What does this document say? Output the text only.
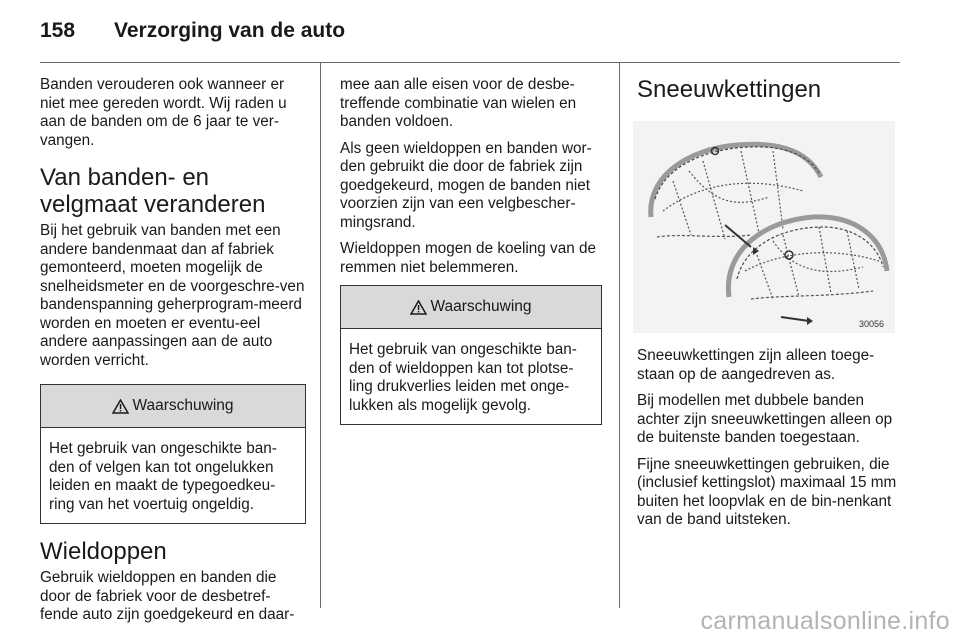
158 Verzorging van de auto

Banden verouderen ook wanneer er niet mee gereden wordt. Wij raden u aan de banden om de 6 jaar te ver-vangen.

Van banden- en velgmaat veranderen

Bij het gebruik van banden met een andere bandenmaat dan af fabriek gemonteerd, moeten mogelijk de snelheidsmeter en de voorgeschre-ven bandenspanning geherprogram-meerd worden en moeten er eventu-eel andere aanpassingen aan de auto worden verricht.

Waarschuwing

Het gebruik van ongeschikte ban-den of velgen kan tot ongelukken leiden en maakt de typegoedkeu-ring van het voertuig ongeldig.

Wieldoppen

Gebruik wieldoppen en banden die door de fabriek voor de desbetref-fende auto zijn goedgekeurd en daar-

mee aan alle eisen voor de desbe-treffende combinatie van wielen en banden voldoen.

Als geen wieldoppen en banden wor-den gebruikt die door de fabriek zijn goedgekeurd, mogen de banden niet voorzien zijn van een velgbescher-mingsrand.

Wieldoppen mogen de koeling van de remmen niet belemmeren.

Waarschuwing

Het gebruik van ongeschikte ban-den of wieldoppen kan tot plotse-ling drukverlies leiden met onge-lukken als mogelijk gevolg.

Sneeuwkettingen
30056

Sneeuwkettingen zijn alleen toege-staan op de aangedreven as.

Bij modellen met dubbele banden achter zijn sneeuwkettingen alleen op de buitenste banden toegestaan.

Fijne sneeuwkettingen gebruiken, die (inclusief kettingslot) maximaal 15 mm buiten het loopvlak en de bin-nenkant van de band uitsteken.

carmanualsonline.info
